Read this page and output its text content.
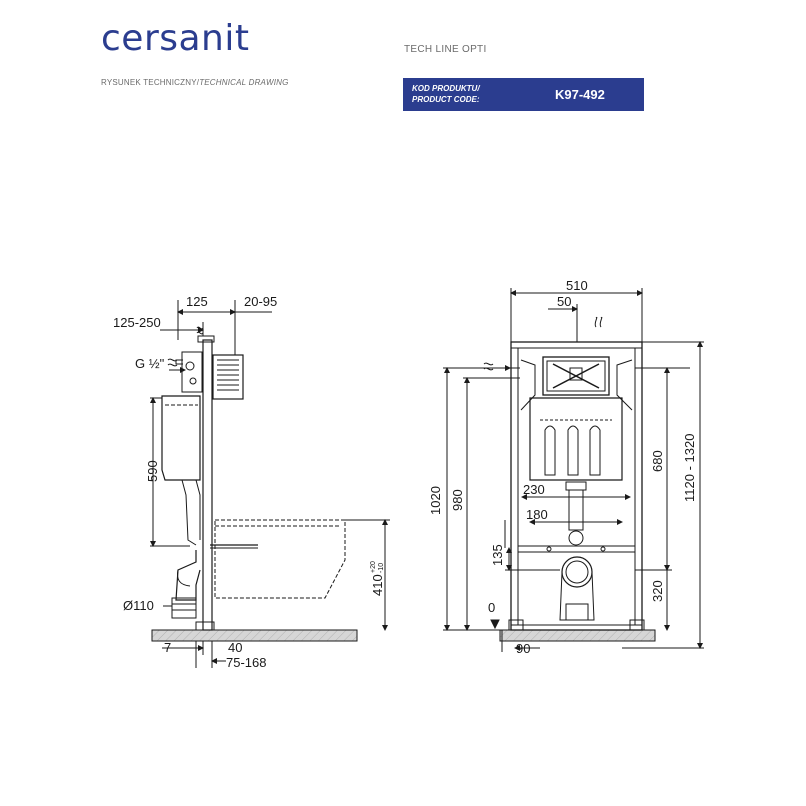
cersanit	TECH LINE OPTI
RYSUNEK TECHNICZNY/TECHNICAL DRAWING
KOD PRODUKTU/
PRODUCT CODE:	K97-492
125	20-95
125-250
G ½"
590
Ø110
7	40
75-168
410
+20 -10
510
50
1020 980	230
180
135
0
90
680 1120 - 1320
320
